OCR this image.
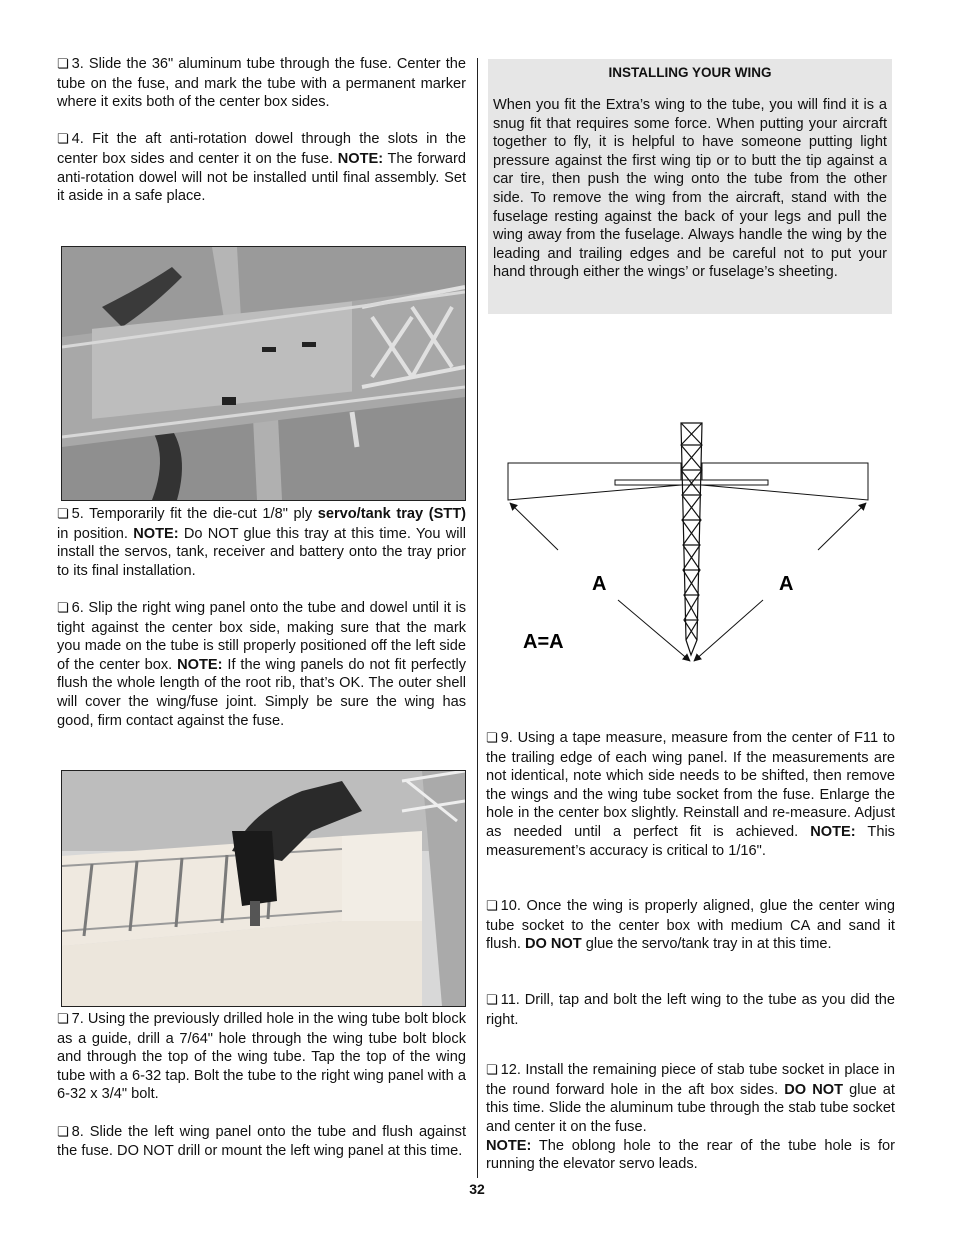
❏ 3. Slide the 36" aluminum tube through the fuse. Center the tube on the fuse, and mark the tube with a permanent marker where it exits both of the center box sides.

❏ 4. Fit the aft anti-rotation dowel through the slots in the center box sides and center it on the fuse. NOTE: The forward anti-rotation dowel will not be installed until final assembly. Set it aside in a safe place.

❏ 5. Temporarily fit the die-cut 1/8" ply servo/tank tray (STT) in position. NOTE: Do NOT glue this tray at this time. You will install the servos, tank, receiver and battery onto the tray prior to its final installation.

❏ 6. Slip the right wing panel onto the tube and dowel until it is tight against the center box side, making sure that the mark you made on the tube is still properly positioned off the left side of the center box. NOTE: If the wing panels do not fit perfectly flush the whole length of the root rib, that’s OK. The outer shell will cover the wing/fuse joint. Simply be sure the wing has good, firm contact against the fuse.

❏ 7. Using the previously drilled hole in the wing tube bolt block as a guide, drill a 7/64" hole through the wing tube bolt block and through the top of the wing tube. Tap the top of the wing tube with a 6-32 tap. Bolt the tube to the right wing panel with a 6-32 x 3/4" bolt.

❏ 8. Slide the left wing panel onto the tube and flush against the fuse. DO NOT drill or mount the left wing panel at this time.

INSTALLING YOUR WING

When you fit the Extra’s wing to the tube, you will find it is a snug fit that requires some force. When putting your aircraft together to fly, it is helpful to have someone putting light pressure against the first wing tip or to butt the tip against a car tire, then push the wing onto the tube from the other side. To remove the wing from the aircraft, stand with the fuselage resting against the back of your legs and pull the wing away from the fuselage. Always handle the wing by the leading and trailing edges and be careful not to put your hand through either the wings’ or fuselage’s sheeting.

A	A
A=A

❏ 9. Using a tape measure, measure from the center of F11 to the trailing edge of each wing panel. If the measurements are not identical, note which side needs to be shifted, then remove the wings and the wing tube socket from the fuse. Enlarge the hole in the center box slightly. Reinstall and re-measure. Adjust as needed until a perfect fit is achieved. NOTE: This measurement’s accuracy is critical to 1/16".

❏ 10. Once the wing is properly aligned, glue the center wing tube socket to the center box with medium CA and sand it flush. DO NOT glue the servo/tank tray in at this time.

❏ 11. Drill, tap and bolt the left wing to the tube as you did the right.

❏ 12. Install the remaining piece of stab tube socket in place in the round forward hole in the aft box sides. DO NOT glue at this time. Slide the aluminum tube through the stab tube socket and center it on the fuse.
NOTE: The oblong hole to the rear of the tube hole is for running the elevator servo leads.

32
